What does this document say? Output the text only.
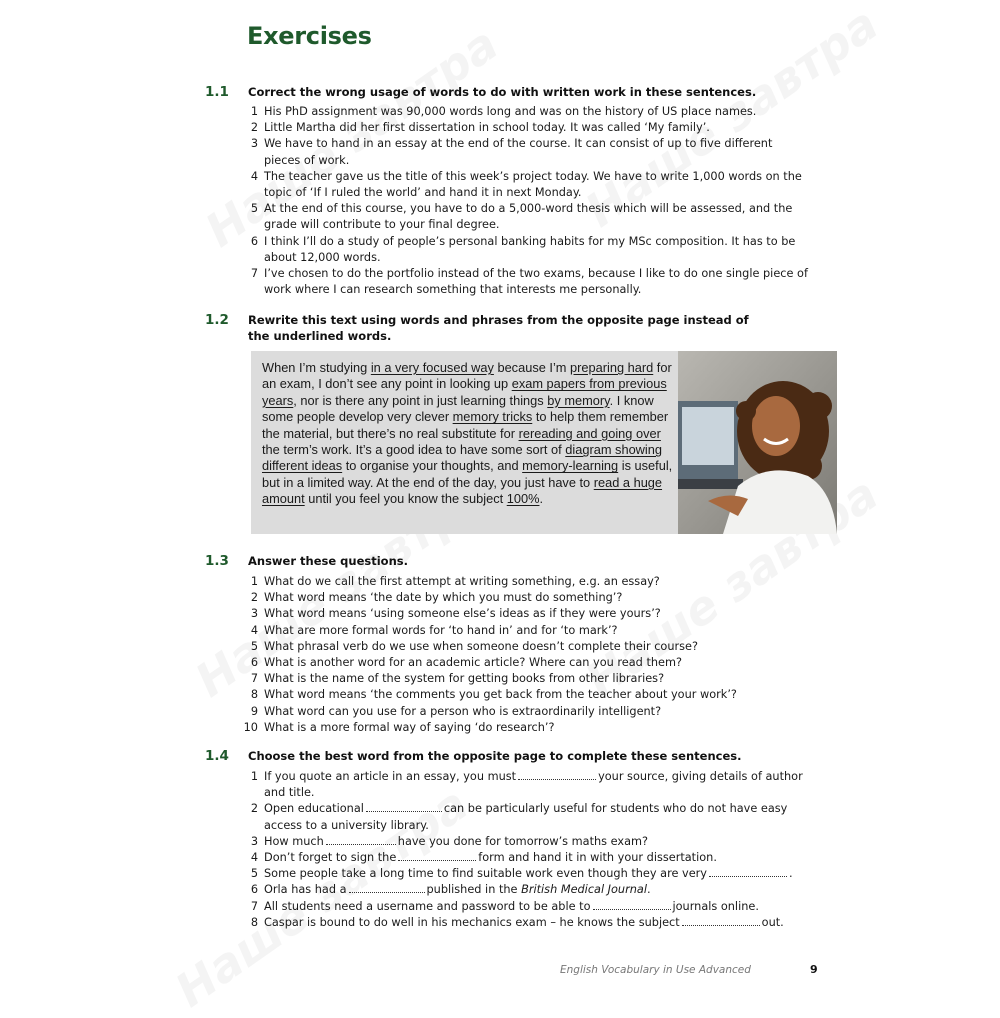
Exercises
1.1 Correct the wrong usage of words to do with written work in these sentences.
1 His PhD assignment was 90,000 words long and was on the history of US place names.
2 Little Martha did her first dissertation in school today. It was called ‘My family’.
3 We have to hand in an essay at the end of the course. It can consist of up to five different pieces of work.
4 The teacher gave us the title of this week’s project today. We have to write 1,000 words on the topic of ‘If I ruled the world’ and hand it in next Monday.
5 At the end of this course, you have to do a 5,000-word thesis which will be assessed, and the grade will contribute to your final degree.
6 I think I’ll do a study of people’s personal banking habits for my MSc composition. It has to be about 12,000 words.
7 I’ve chosen to do the portfolio instead of the two exams, because I like to do one single piece of work where I can research something that interests me personally.
1.2 Rewrite this text using words and phrases from the opposite page instead of the underlined words.
When I’m studying in a very focused way because I’m preparing hard for an exam, I don’t see any point in looking up exam papers from previous years, nor is there any point in just learning things by memory. I know some people develop very clever memory tricks to help them remember the material, but there’s no real substitute for rereading and going over the term’s work. It’s a good idea to have some sort of diagram showing different ideas to organise your thoughts, and memory-learning is useful, but in a limited way. At the end of the day, you just have to read a huge amount until you feel you know the subject 100%.
1.3 Answer these questions.
1 What do we call the first attempt at writing something, e.g. an essay?
2 What word means ‘the date by which you must do something’?
3 What word means ‘using someone else’s ideas as if they were yours’?
4 What are more formal words for ‘to hand in’ and for ‘to mark’?
5 What phrasal verb do we use when someone doesn’t complete their course?
6 What is another word for an academic article? Where can you read them?
7 What is the name of the system for getting books from other libraries?
8 What word means ‘the comments you get back from the teacher about your work’?
9 What word can you use for a person who is extraordinarily intelligent?
10 What is a more formal way of saying ‘do research’?
1.4 Choose the best word from the opposite page to complete these sentences.
1 If you quote an article in an essay, you must	your source, giving details of author and title.
2 Open educational	can be particularly useful for students who do not have easy access to a university library.
3 How much	have you done for tomorrow’s maths exam?
4 Don’t forget to sign the	form and hand it in with your dissertation.
5 Some people take a long time to find suitable work even though they are very	.
6 Orla has had a	published in the British Medical Journal.
7 All students need a username and password to be able to	journals online.
8 Caspar is bound to do well in his mechanics exam – he knows the subject	out.
English Vocabulary in Use Advanced	9
